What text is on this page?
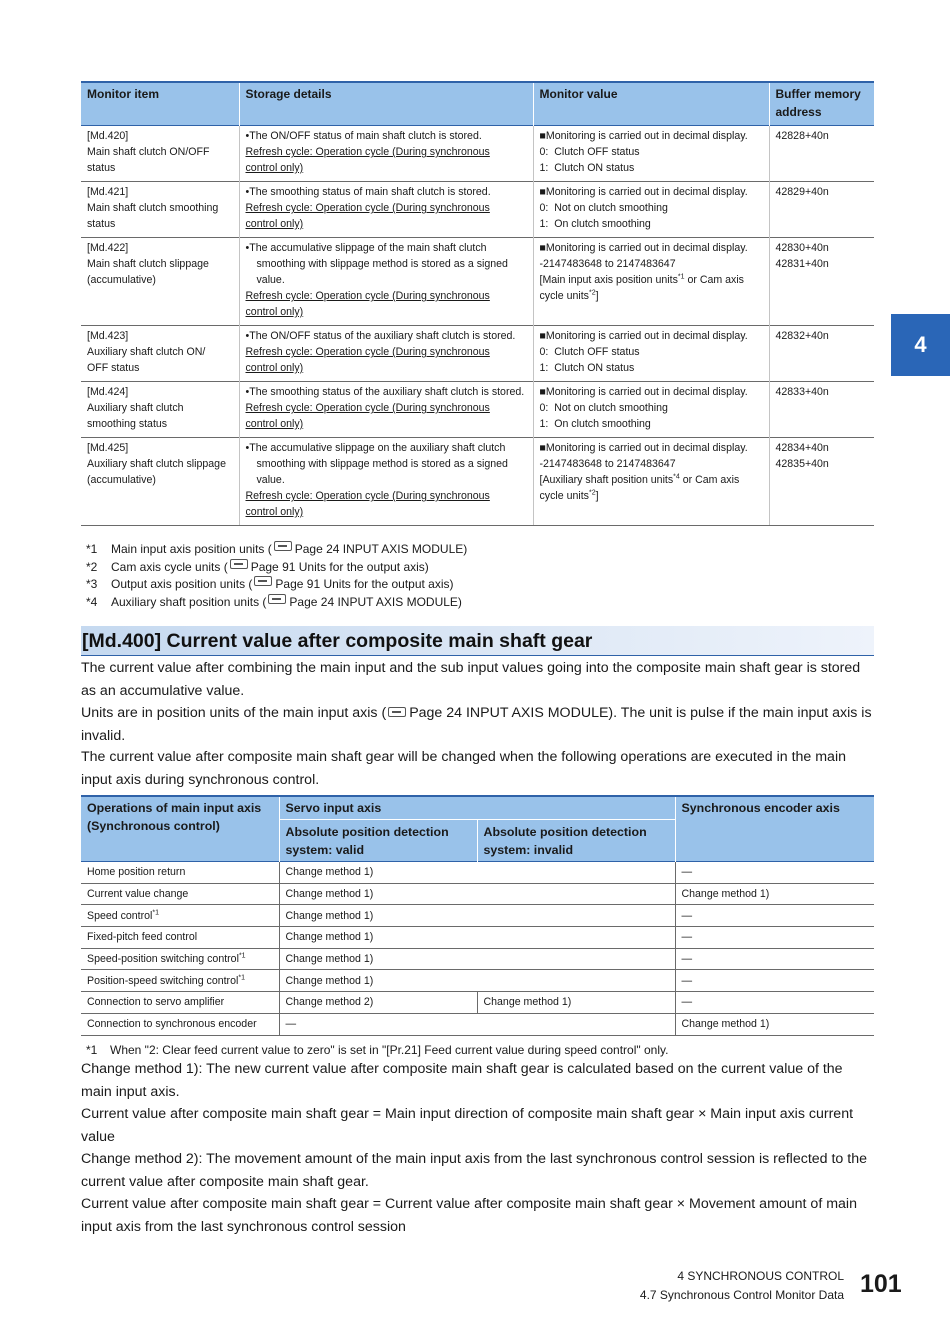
Monitor item	Storage details	Monitor value	Buffer memory address

[Md.420]
Main shaft clutch ON/OFF
status	•The ON/OFF status of main shaft clutch is stored.
Refresh cycle: Operation cycle (During synchronous
control only)	■Monitoring is carried out in decimal display.
0:  Clutch OFF status
1:  Clutch ON status	42828+40n

[Md.421]
Main shaft clutch smoothing
status	•The smoothing status of main shaft clutch is stored.
Refresh cycle: Operation cycle (During synchronous
control only)	■Monitoring is carried out in decimal display.
0:  Not on clutch smoothing
1:  On clutch smoothing	42829+40n

[Md.422]
Main shaft clutch slippage
(accumulative)	•The accumulative slippage of the main shaft clutch smoothing with slippage method is stored as a signed value.
Refresh cycle: Operation cycle (During synchronous
control only)	■Monitoring is carried out in decimal display.
-2147483648 to 2147483647
[Main input axis position units$^{*1}$ or Cam axis cycle units$^{*2}$]	42830+40n
42831+40n

[Md.423]
Auxiliary shaft clutch ON/
OFF status	•The ON/OFF status of the auxiliary shaft clutch is stored.
Refresh cycle: Operation cycle (During synchronous
control only)	■Monitoring is carried out in decimal display.
0:  Clutch OFF status
1:  Clutch ON status	42832+40n

[Md.424]
Auxiliary shaft clutch
smoothing status	•The smoothing status of the auxiliary shaft clutch is stored.
Refresh cycle: Operation cycle (During synchronous
control only)	■Monitoring is carried out in decimal display.
0:  Not on clutch smoothing
1:  On clutch smoothing	42833+40n

[Md.425]
Auxiliary shaft clutch slippage
(accumulative)	•The accumulative slippage on the auxiliary shaft clutch smoothing with slippage method is stored as a signed value.
Refresh cycle: Operation cycle (During synchronous
control only)	■Monitoring is carried out in decimal display.
-2147483648 to 2147483647
[Auxiliary shaft position units$^{*4}$ or Cam axis cycle units$^{*2}$]	42834+40n
42835+40n
*1	Main input axis position units ( Page 24 INPUT AXIS MODULE)
*2	Cam axis cycle units ( Page 91 Units for the output axis)
*3	Output axis position units ( Page 91 Units for the output axis)
*4	Auxiliary shaft position units ( Page 24 INPUT AXIS MODULE)
[Md.400] Current value after composite main shaft gear
The current value after combining the main input and the sub input values going into the composite main shaft gear is stored as an accumulative value.
Units are in position units of the main input axis ( Page 24 INPUT AXIS MODULE). The unit is pulse if the main input axis is invalid.
The current value after composite main shaft gear will be changed when the following operations are executed in the main input axis during synchronous control.
Operations of main input axis (Synchronous control)	Servo input axis		Synchronous encoder axis
	Absolute position detection system: valid	Absolute position detection system: invalid	
Home position return	Change method 1)		—
Current value change	Change method 1)		Change method 1)
Speed control$^{*1}$	Change method 1)		—
Fixed-pitch feed control	Change method 1)		—
Speed-position switching control$^{*1}$	Change method 1)		—
Position-speed switching control$^{*1}$	Change method 1)		—
Connection to servo amplifier	Change method 2)	Change method 1)	—
Connection to synchronous encoder	—		Change method 1)
*1	When "2: Clear feed current value to zero" is set in "[Pr.21] Feed current value during speed control" only.
Change method 1): The new current value after composite main shaft gear is calculated based on the current value of the main input axis.
Current value after composite main shaft gear = Main input direction of composite main shaft gear × Main input axis current value
Change method 2): The movement amount of the main input axis from the last synchronous control session is reflected to the current value after composite main shaft gear.
Current value after composite main shaft gear = Current value after composite main shaft gear × Movement amount of main input axis from the last synchronous control session
4
4 SYNCHRONOUS CONTROL
4.7 Synchronous Control Monitor Data 101
